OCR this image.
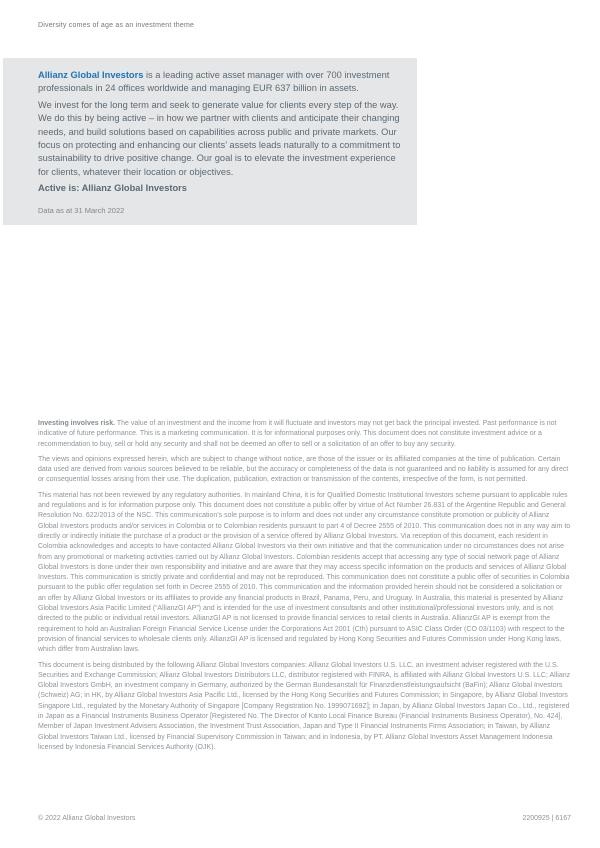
Diversity comes of age as an investment theme

Allianz Global Investors is a leading active asset manager with over 700 investment professionals in 24 offices worldwide and managing EUR 637 billion in assets.

We invest for the long term and seek to generate value for clients every step of the way. We do this by being active – in how we partner with clients and anticipate their changing needs, and build solutions based on capabilities across public and private markets. Our focus on protecting and enhancing our clients’ assets leads naturally to a commitment to sustainability to drive positive change. Our goal is to elevate the investment experience for clients, whatever their location or objectives.

Active is: Allianz Global Investors

Data as at 31 March 2022

Investing involves risk. The value of an investment and the income from it will fluctuate and investors may not get back the principal invested. Past performance is not indicative of future performance. This is a marketing communication. It is for informational purposes only. This document does not constitute investment advice or a recommendation to buy, sell or hold any security and shall not be deemed an offer to sell or a solicitation of an offer to buy any security.

The views and opinions expressed herein, which are subject to change without notice, are those of the issuer or its affiliated companies at the time of publication. Certain data used are derived from various sources believed to be reliable, but the accuracy or completeness of the data is not guaranteed and no liability is assumed for any direct or consequential losses arising from their use. The duplication, publication, extraction or transmission of the contents, irrespective of the form, is not permitted.

This material has not been reviewed by any regulatory authorities. In mainland China, it is for Qualified Domestic Institutional Investors scheme pursuant to applicable rules and regulations and is for information purpose only. This document does not constitute a public offer by virtue of Act Number 26.831 of the Argentine Republic and General Resolution No. 622/2013 of the NSC. This communication’s sole purpose is to inform and does not under any circumstance constitute promotion or publicity of Allianz Global Investors products and/or services in Colombia or to Colombian residents pursuant to part 4 of Decree 2555 of 2010. This communication does not in any way aim to directly or indirectly initiate the purchase of a product or the provision of a service offered by Allianz Global Investors. Via reception of this document, each resident in Colombia acknowledges and accepts to have contacted Allianz Global Investors via their own initiative and that the communication under no circumstances does not arise from any promotional or marketing activities carried out by Allianz Global Investors. Colombian residents accept that accessing any type of social network page of Allianz Global Investors is done under their own responsibility and initiative and are aware that they may access specific information on the products and services of Allianz Global Investors. This communication is strictly private and confidential and may not be reproduced. This communication does not constitute a public offer of securities in Colombia pursuant to the public offer regulation set forth in Decree 2555 of 2010. This communication and the information provided herein should not be considered a solicitation or an offer by Allianz Global Investors or its affiliates to provide any financial products in Brazil, Panama, Peru, and Uruguay. In Australia, this material is presented by Allianz Global Investors Asia Pacific Limited (“AllianzGI AP”) and is intended for the use of investment consultants and other institutional/professional investors only, and is not directed to the public or individual retail investors. AllianzGI AP is not licensed to provide financial services to retail clients in Australia. AllianzGI AP is exempt from the requirement to hold an Australian Foreign Financial Service License under the Corporations Act 2001 (Cth) pursuant to ASIC Class Order (CO 03/1103) with respect to the provision of financial services to wholesale clients only. AllianzGI AP is licensed and regulated by Hong Kong Securities and Futures Commission under Hong Kong laws, which differ from Australian laws.

This document is being distributed by the following Allianz Global Investors companies: Allianz Global Investors U.S. LLC, an investment adviser registered with the U.S. Securities and Exchange Commission; Allianz Global Investors Distributors LLC, distributor registered with FINRA, is affiliated with Allianz Global Investors U.S. LLC; Allianz Global Investors GmbH, an investment company in Germany, authorized by the German Bundesanstalt für Finanzdienstleistungsaufsicht (BaFin); Allianz Global Investors (Schweiz) AG; in HK, by Allianz Global Investors Asia Pacific Ltd., licensed by the Hong Kong Securities and Futures Commission; in Singapore, by Allianz Global Investors Singapore Ltd., regulated by the Monetary Authority of Singapore [Company Registration No. 199907169Z]; in Japan, by Allianz Global Investors Japan Co., Ltd., registered in Japan as a Financial Instruments Business Operator [Registered No. The Director of Kanto Local Finance Bureau (Financial Instruments Business Operator), No. 424], Member of Japan Investment Advisers Association, the Investment Trust Association, Japan and Type II Financial Instruments Firms Association; in Taiwan, by Allianz Global Investors Taiwan Ltd., licensed by Financial Supervisory Commission in Taiwan; and in Indonesia, by PT. Allianz Global Investors Asset Management Indonesia licensed by Indonesia Financial Services Authority (OJK).

© 2022 Allianz Global Investors	2200925 | 6167
